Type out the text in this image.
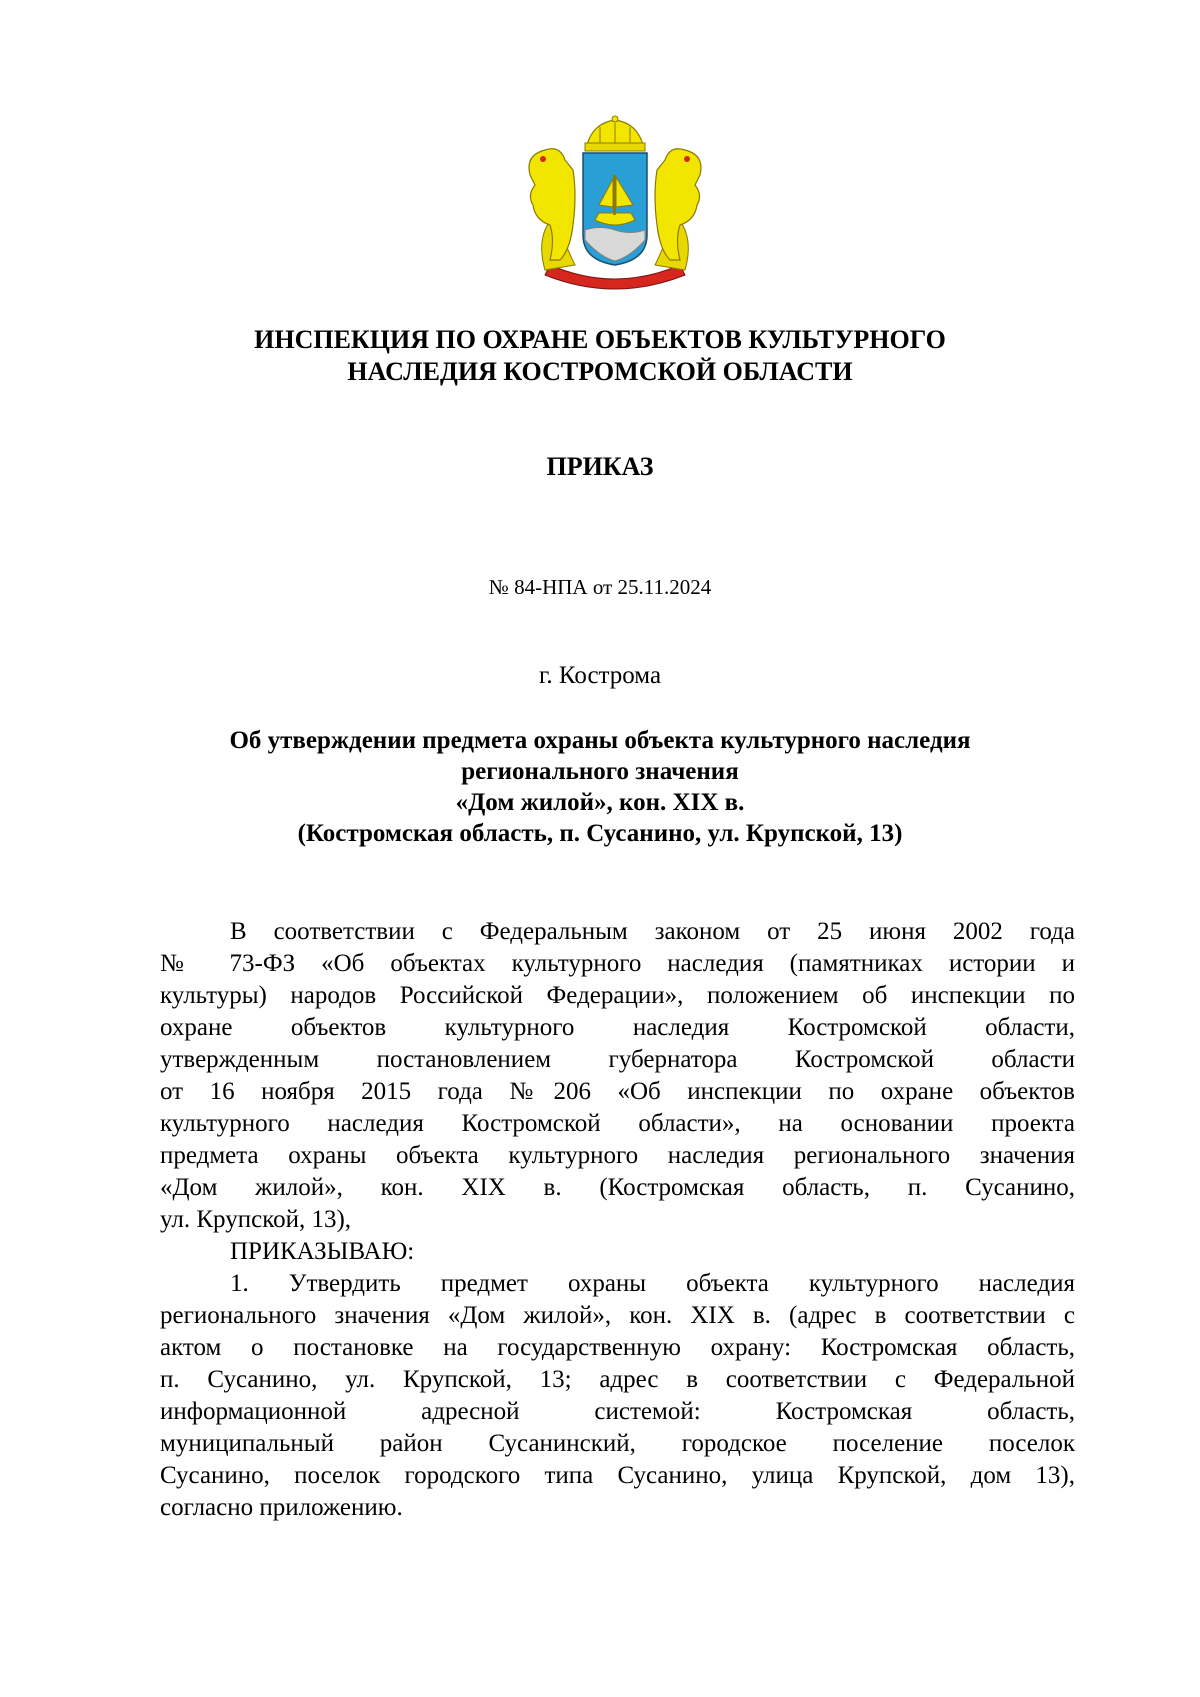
ИНСПЕКЦИЯ ПО ОХРАНЕ ОБЪЕКТОВ КУЛЬТУРНОГО
НАСЛЕДИЯ КОСТРОМСКОЙ ОБЛАСТИ
ПРИКАЗ
№ 84-НПА от 25.11.2024
г. Кострома
Об утверждении предмета охраны объекта культурного наследия
регионального значения
«Дом жилой», кон. XIX в.
(Костромская область, п. Сусанино, ул. Крупской, 13)
В соответствии с Федеральным законом от 25 июня 2002 года
№ 73-ФЗ «Об объектах культурного наследия (памятниках истории и
культуры) народов Российской Федерации», положением об инспекции по
охране объектов культурного наследия Костромской области,
утвержденным постановлением губернатора Костромской области
от 16 ноября 2015 года №206 «Об инспекции по охране объектов
культурного наследия Костромской области», на основании проекта
предмета охраны объекта культурного наследия регионального значения
«Дом жилой», кон. XIX в. (Костромская область, п. Сусанино,
ул. Крупской, 13),
ПРИКАЗЫВАЮ:
1. Утвердить предмет охраны объекта культурного наследия
регионального значения «Дом жилой», кон. XIX в. (адрес в соответствии с
актом о постановке на государственную охрану: Костромская область,
п. Сусанино, ул. Крупской, 13; адрес в соответствии с Федеральной
информационной адресной системой: Костромская область,
муниципальный район Сусанинский, городское поселение поселок
Сусанино, поселок городского типа Сусанино, улица Крупской, дом 13),
согласно приложению.
